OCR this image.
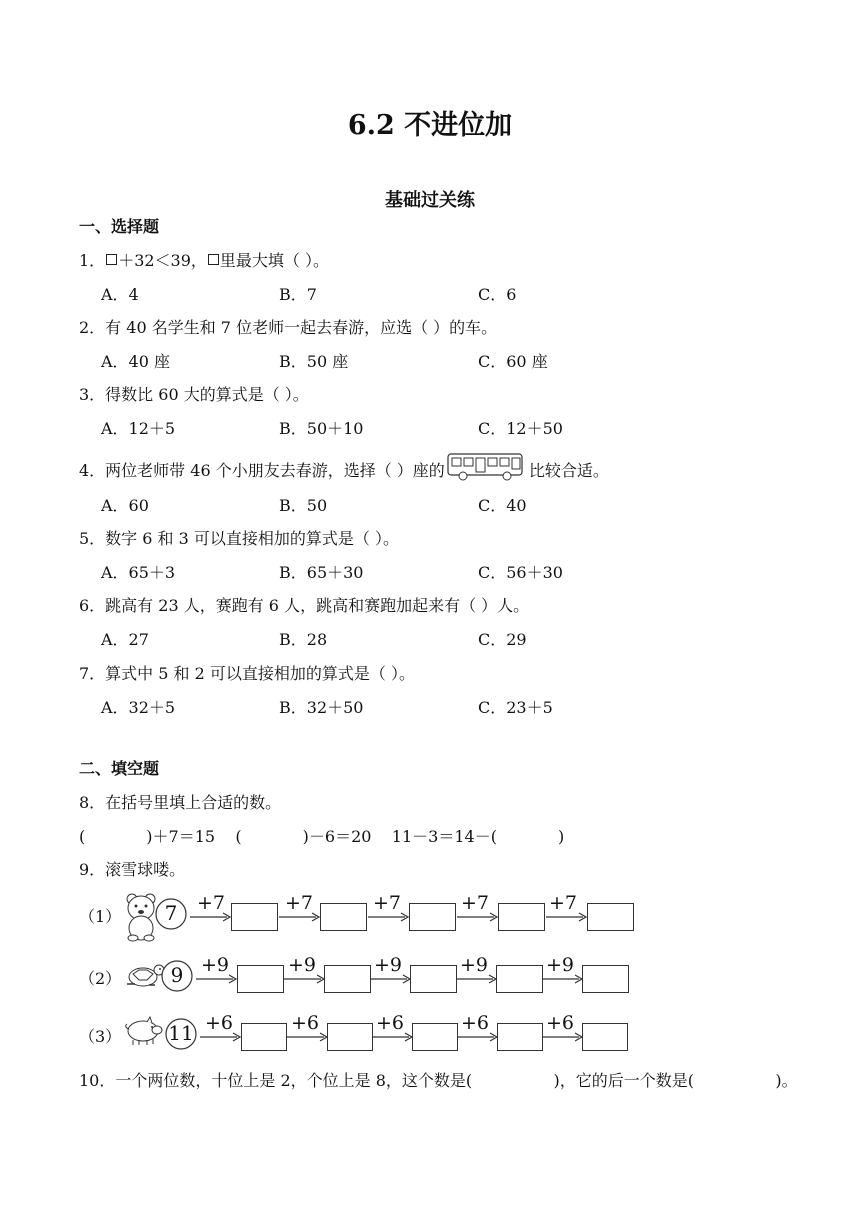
6.2 不进位加
基础过关练
一、选择题
1． ＋32＜39， 里最大填（ ）。
A．4	B．7	C．6
2．有 40 名学生和 7 位老师一起去春游，应选（ ）的车。
A．40 座	B．50 座	C．60 座
3．得数比 60 大的算式是（ ）。
A．12＋5	B．50＋10	C．12＋50
4．两位老师带 46 个小朋友去春游，选择（ ）座的	比较合适。
A．60	B．50	C．40
5．数字 6 和 3 可以直接相加的算式是（ ）。
A．65＋3	B．65＋30	C．56＋30
6．跳高有 23 人，赛跑有 6 人，跳高和赛跑加起来有（ ）人。
A．27	B．28	C．29
7．算式中 5 和 2 可以直接相加的算式是（ ）。
A．32＋5	B．32＋50	C．23＋5
二、填空题
8．在括号里填上合适的数。
(            )＋7＝15    (            )－6＝20    11－3＝14－(            )
9．滚雪球喽。
（1）	7	+7	+7	+7	+7	+7
（2）	9 +9	+9	+9	+9	+9
（3） 11 +6	+6	+6	+6	+6
10．一个两位数，十位上是 2，个位上是 8，这个数是(                )，它的后一个数是(                )。
